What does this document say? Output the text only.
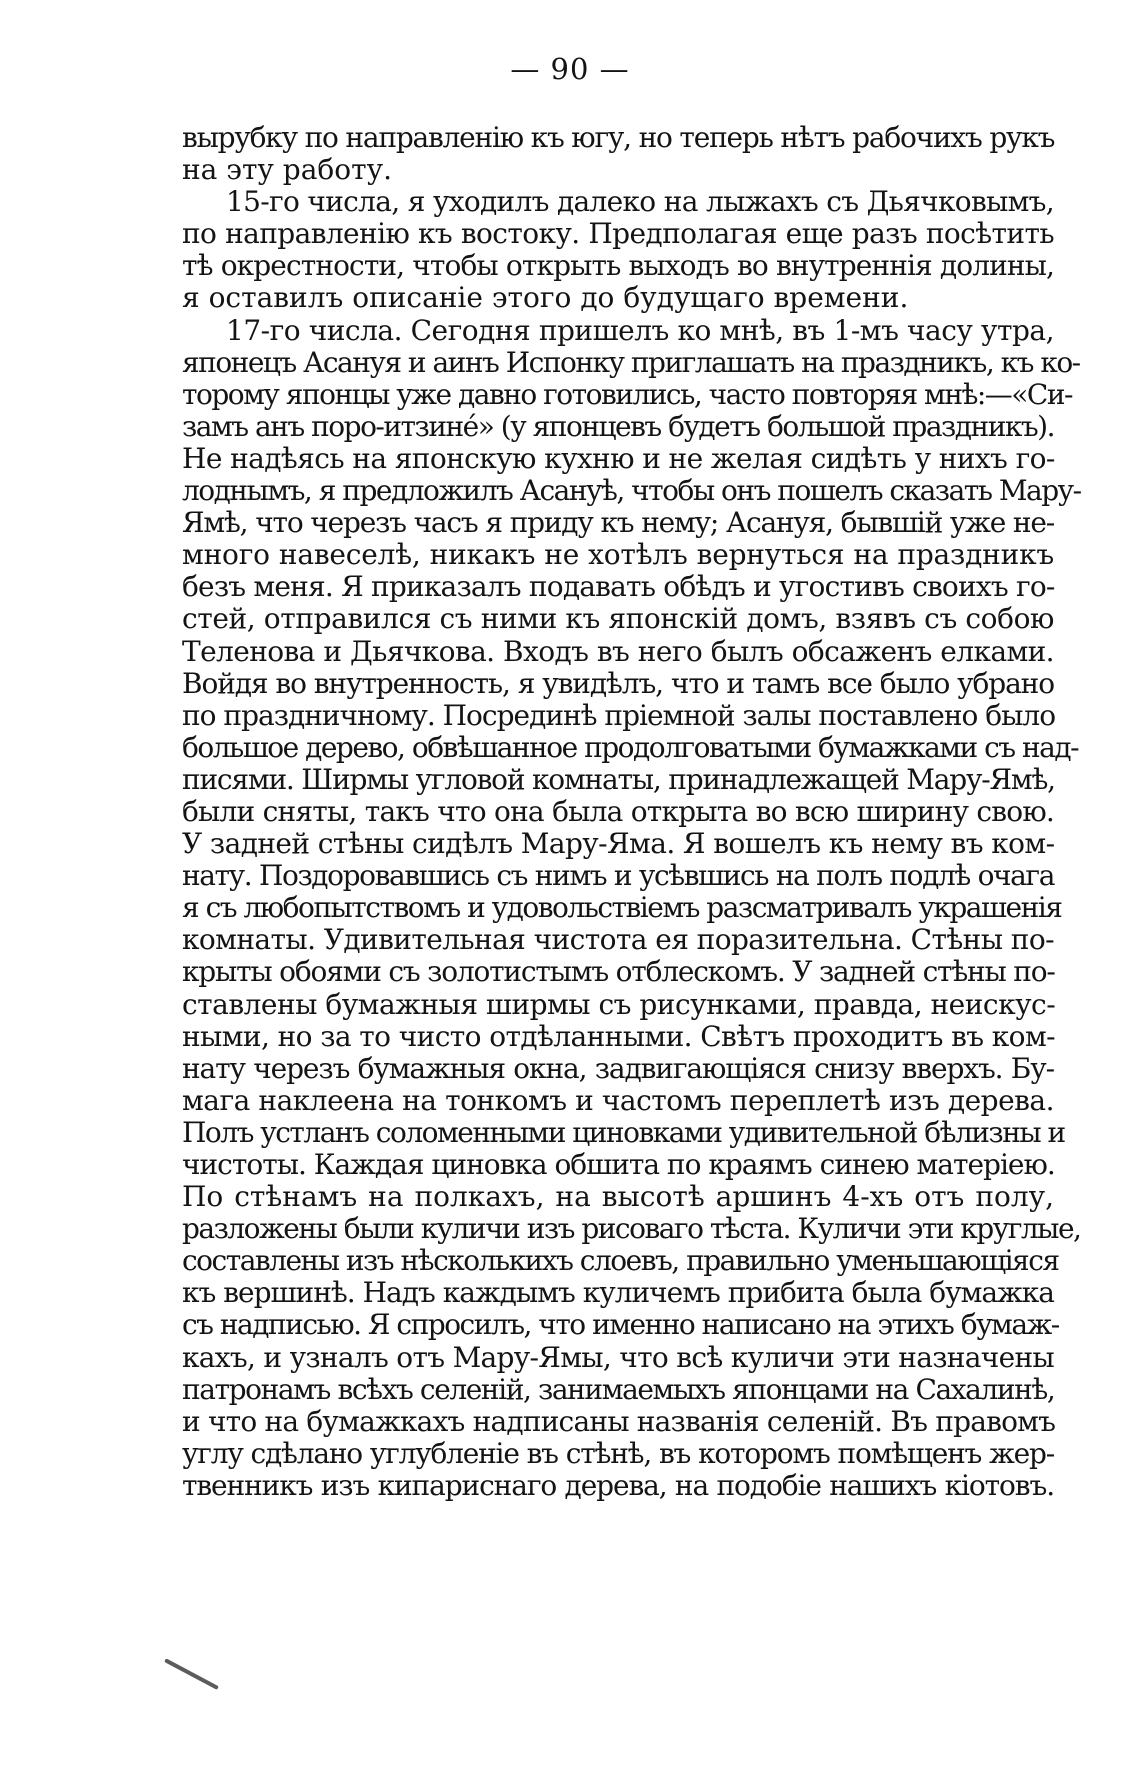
— 90 —
вырубку по направленію къ югу, но теперь нѣтъ рабочихъ рукъ
на эту работу.
15-го числа, я уходилъ далеко на лыжахъ съ Дьячковымъ,
по направленію къ востоку. Предполагая еще разъ посѣтить
тѣ окрестности, чтобы открыть выходъ во внутреннія долины,
я оставилъ описаніе этого до будущаго времени.
17-го числа. Сегодня пришелъ ко мнѣ, въ 1-мъ часу утра,
японецъ Асануя и аинъ Испонку приглашать на праздникъ, къ ко-
торому японцы уже давно готовились, часто повторяя мнѣ:—«Си-
замъ анъ поро-итзинé» (у японцевъ будетъ большой праздникъ).
Не надѣясь на японскую кухню и не желая сидѣть у нихъ го-
лоднымъ, я предложилъ Асануѣ, чтобы онъ пошелъ сказать Мару-
Ямѣ, что черезъ часъ я приду къ нему; Асануя, бывшій уже не-
много навеселѣ, никакъ не хотѣлъ вернуться на праздникъ
безъ меня. Я приказалъ подавать обѣдъ и угостивъ своихъ го-
стей, отправился съ ними къ японскій домъ, взявъ съ собою
Теленова и Дьячкова. Входъ въ него былъ обсаженъ елками.
Войдя во внутренность, я увидѣлъ, что и тамъ все было убрано
по праздничному. Посрединѣ пріемной залы поставлено было
большое дерево, обвѣшанное продолговатыми бумажками съ над-
писями. Ширмы угловой комнаты, принадлежащей Мару-Ямѣ,
были сняты, такъ что она была открыта во всю ширину свою.
У задней стѣны сидѣлъ Мару-Яма. Я вошелъ къ нему въ ком-
нату. Поздоровавшись съ нимъ и усѣвшись на полъ подлѣ очага
я съ любопытствомъ и удовольствіемъ разсматривалъ украшенія
комнаты. Удивительная чистота ея поразительна. Стѣны по-
крыты обоями съ золотистымъ отблескомъ. У задней стѣны по-
ставлены бумажныя ширмы съ рисунками, правда, неискус-
ными, но за то чисто отдѣланными. Свѣтъ проходитъ въ ком-
нату черезъ бумажныя окна, задвигающіяся снизу вверхъ. Бу-
мага наклеена на тонкомъ и частомъ переплетѣ изъ дерева.
Полъ устланъ соломенными циновками удивительной бѣлизны и
чистоты. Каждая циновка обшита по краямъ синею матеріею.
По стѣнамъ на полкахъ, на высотѣ аршинъ 4-хъ отъ полу,
разложены были куличи изъ рисоваго тѣста. Куличи эти круглые,
составлены изъ нѣсколькихъ слоевъ, правильно уменьшающіяся
къ вершинѣ. Надъ каждымъ куличемъ прибита была бумажка
съ надписью. Я спросилъ, что именно написано на этихъ бумаж-
кахъ, и узналъ отъ Мару-Ямы, что всѣ куличи эти назначены
патронамъ всѣхъ селеній, занимаемыхъ японцами на Сахалинѣ,
и что на бумажкахъ надписаны названія селеній. Въ правомъ
углу сдѣлано углубленіе въ стѣнѣ, въ которомъ помѣщенъ жер-
твенникъ изъ кипариснаго дерева, на подобіе нашихъ кіотовъ.
